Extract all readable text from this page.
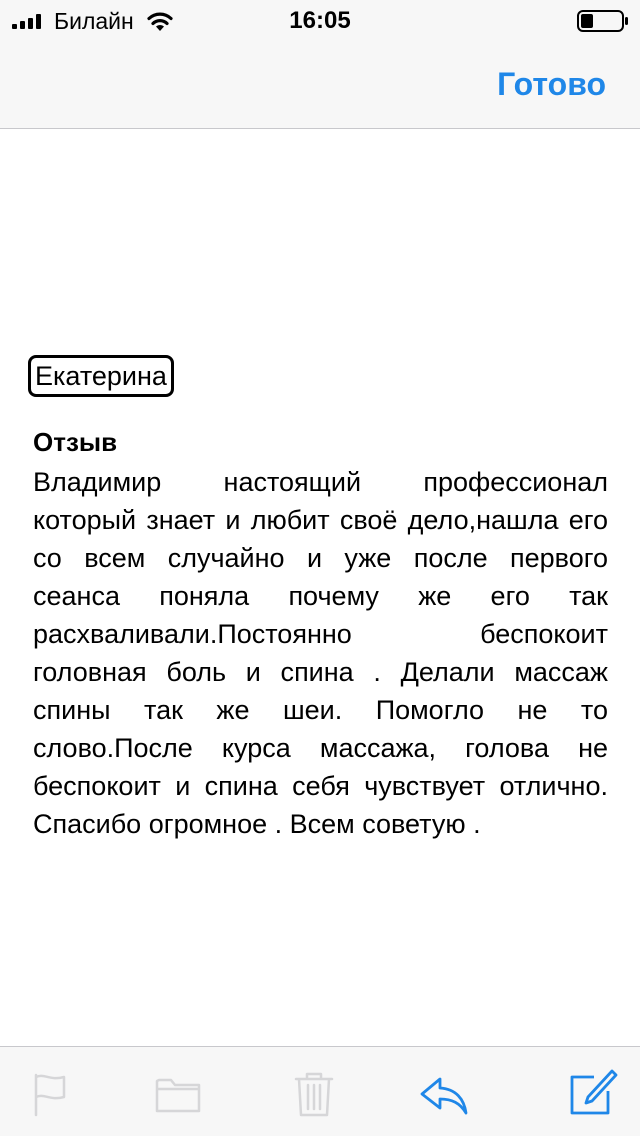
Билайн	16:05
Готово
Екатерина
Отзыв

Владимир настоящий профессионал который знает и любит своё дело,нашла его со всем случайно и уже после первого сеанса поняла почему же его так расхваливали.Постоянно беспокоит головная боль и спина . Делали массаж спины так же шеи. Помогло не то слово.После курса массажа, голова не беспокоит и спина себя чувствует отлично. Спасибо огромное . Всем советую .
